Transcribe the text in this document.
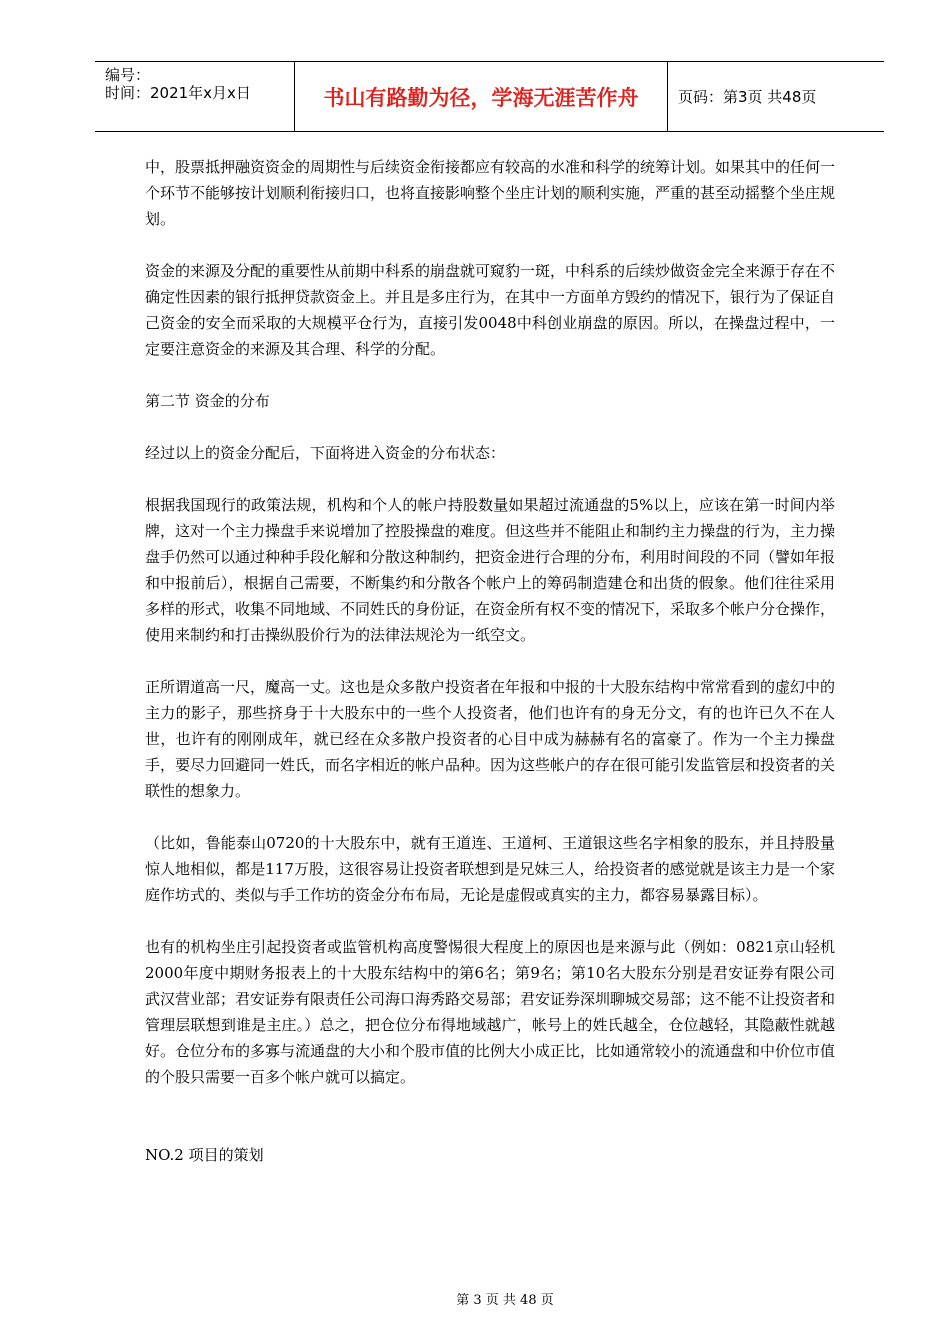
编号：
时间：2021年x月x日	书山有路勤为径，学海无涯苦作舟	页码：第3页 共48页

中，股票抵押融资资金的周期性与后续资金衔接都应有较高的水准和科学的统筹计划。如果其中的任何一个环节不能够按计划顺利衔接归口，也将直接影响整个坐庄计划的顺利实施，严重的甚至动摇整个坐庄规划。

资金的来源及分配的重要性从前期中科系的崩盘就可窥豹一斑，中科系的后续炒做资金完全来源于存在不确定性因素的银行抵押贷款资金上。并且是多庄行为，在其中一方面单方毁约的情况下，银行为了保证自己资金的安全而采取的大规模平仓行为，直接引发0048中科创业崩盘的原因。所以，在操盘过程中，一定要注意资金的来源及其合理、科学的分配。

第二节 资金的分布

经过以上的资金分配后，下面将进入资金的分布状态：

根据我国现行的政策法规，机构和个人的帐户持股数量如果超过流通盘的5%以上，应该在第一时间内举牌，这对一个主力操盘手来说增加了控股操盘的难度。但这些并不能阻止和制约主力操盘的行为，主力操盘手仍然可以通过种种手段化解和分散这种制约，把资金进行合理的分布，利用时间段的不同（譬如年报和中报前后），根据自己需要，不断集约和分散各个帐户上的筹码制造建仓和出货的假象。他们往往采用多样的形式，收集不同地域、不同姓氏的身份证，在资金所有权不变的情况下，采取多个帐户分仓操作，使用来制约和打击操纵股价行为的法律法规沦为一纸空文。

正所谓道高一尺，魔高一丈。这也是众多散户投资者在年报和中报的十大股东结构中常常看到的虚幻中的主力的影子，那些挤身于十大股东中的一些个人投资者，他们也许有的身无分文，有的也许已久不在人世，也许有的刚刚成年，就已经在众多散户投资者的心目中成为赫赫有名的富豪了。作为一个主力操盘手，要尽力回避同一姓氏，而名字相近的帐户品种。因为这些帐户的存在很可能引发监管层和投资者的关联性的想象力。

（比如，鲁能泰山0720的十大股东中，就有王道连、王道柯、王道银这些名字相象的股东，并且持股量惊人地相似，都是117万股，这很容易让投资者联想到是兄妹三人，给投资者的感觉就是该主力是一个家庭作坊式的、类似与手工作坊的资金分布布局，无论是虚假或真实的主力，都容易暴露目标）。

也有的机构坐庄引起投资者或监管机构高度警惕很大程度上的原因也是来源与此（例如：0821京山轻机2000年度中期财务报表上的十大股东结构中的第6名；第9名；第10名大股东分别是君安证券有限公司武汉营业部；君安证券有限责任公司海口海秀路交易部；君安证券深圳聊城交易部；这不能不让投资者和管理层联想到谁是主庄。）总之，把仓位分布得地域越广，帐号上的姓氏越全，仓位越轻，其隐蔽性就越好。仓位分布的多寡与流通盘的大小和个股市值的比例大小成正比，比如通常较小的流通盘和中价位市值的个股只需要一百多个帐户就可以搞定。

NO.2 项目的策划

第 3 页 共 48 页
